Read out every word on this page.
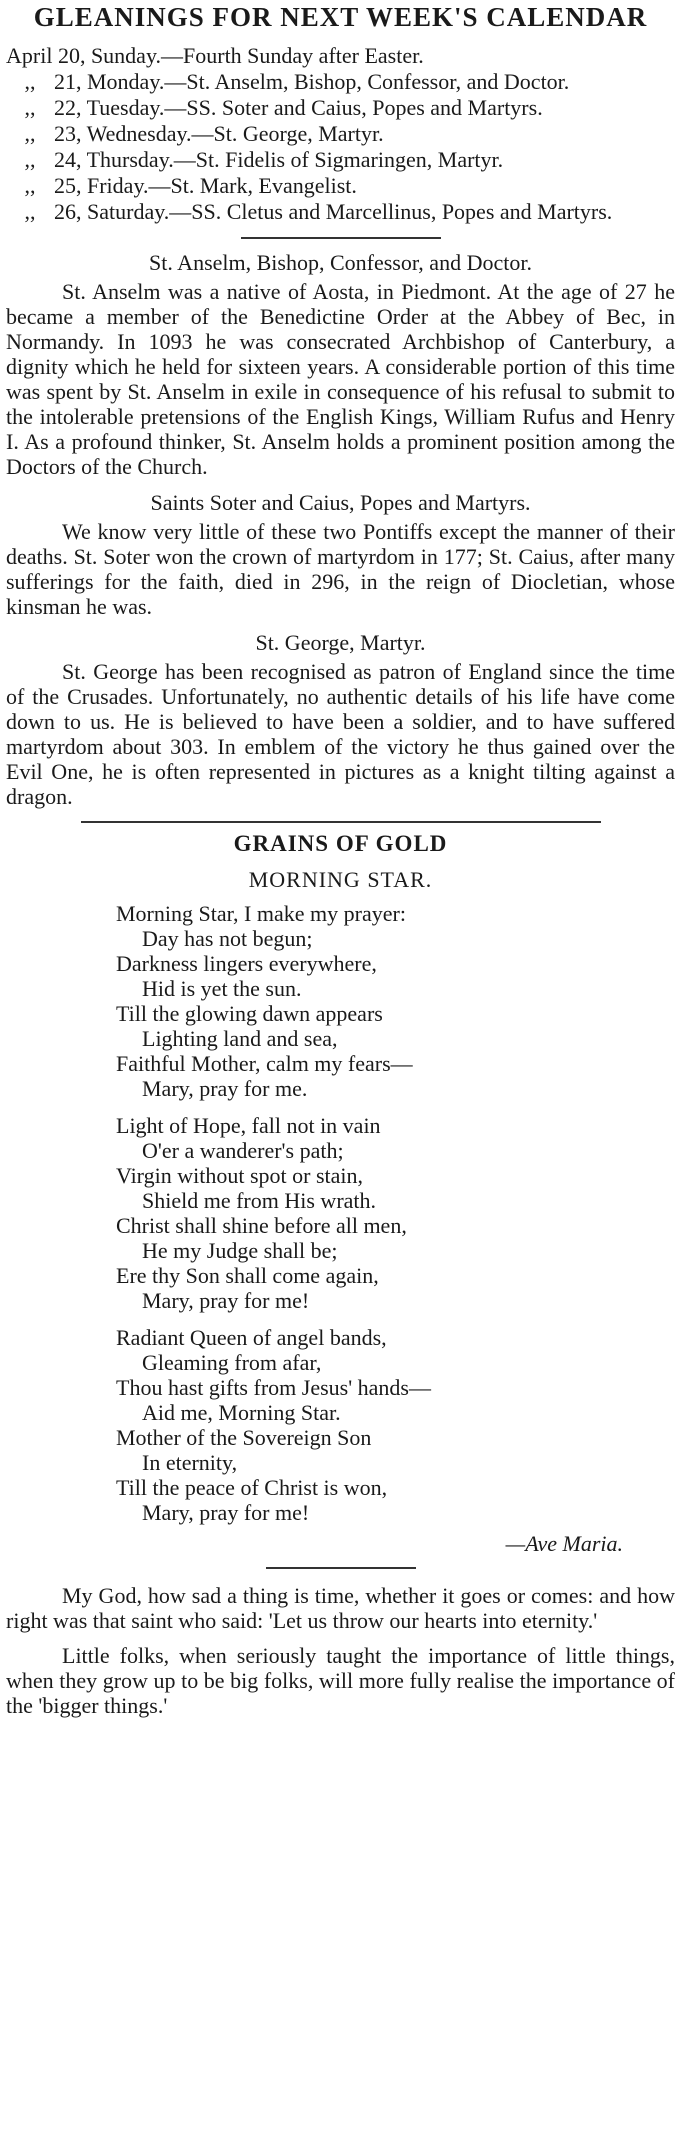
GLEANINGS FOR NEXT WEEK'S CALENDAR
April 20, Sunday.—Fourth Sunday after Easter.
,, 21, Monday.—St. Anselm, Bishop, Confessor, and Doctor.
,, 22, Tuesday.—SS. Soter and Caius, Popes and Martyrs.
,, 23, Wednesday.—St. George, Martyr.
,, 24, Thursday.—St. Fidelis of Sigmaringen, Martyr.
,, 25, Friday.—St. Mark, Evangelist.
,, 26, Saturday.—SS. Cletus and Marcellinus, Popes and Martyrs.
St. Anselm, Bishop, Confessor, and Doctor.

St. Anselm was a native of Aosta, in Piedmont. At the age of 27 he became a member of the Benedictine Order at the Abbey of Bec, in Normandy. In 1093 he was consecrated Archbishop of Canterbury, a dignity which he held for sixteen years. A considerable portion of this time was spent by St. Anselm in exile in consequence of his refusal to submit to the intolerable pretensions of the English Kings, William Rufus and Henry I. As a profound thinker, St. Anselm holds a prominent position among the Doctors of the Church.

Saints Soter and Caius, Popes and Martyrs.

We know very little of these two Pontiffs except the manner of their deaths. St. Soter won the crown of martyrdom in 177; St. Caius, after many sufferings for the faith, died in 296, in the reign of Diocletian, whose kinsman he was.

St. George, Martyr.

St. George has been recognised as patron of England since the time of the Crusades. Unfortunately, no authentic details of his life have come down to us. He is believed to have been a soldier, and to have suffered martyrdom about 303. In emblem of the victory he thus gained over the Evil One, he is often represented in pictures as a knight tilting against a dragon.

GRAINS OF GOLD
MORNING STAR.
Morning Star, I make my prayer:
Day has not begun;
Darkness lingers everywhere,
Hid is yet the sun.
Till the glowing dawn appears
Lighting land and sea,
Faithful Mother, calm my fears—
Mary, pray for me.
Light of Hope, fall not in vain
O'er a wanderer's path;
Virgin without spot or stain,
Shield me from His wrath.
Christ shall shine before all men,
He my Judge shall be;
Ere thy Son shall come again,
Mary, pray for me!
Radiant Queen of angel bands,
Gleaming from afar,
Thou hast gifts from Jesus' hands—
Aid me, Morning Star.
Mother of the Sovereign Son
In eternity,
Till the peace of Christ is won,
Mary, pray for me!
—Ave Maria.

My God, how sad a thing is time, whether it goes or comes: and how right was that saint who said: 'Let us throw our hearts into eternity.'

Little folks, when seriously taught the importance of little things, when they grow up to be big folks, will more fully realise the importance of the 'bigger things.'
